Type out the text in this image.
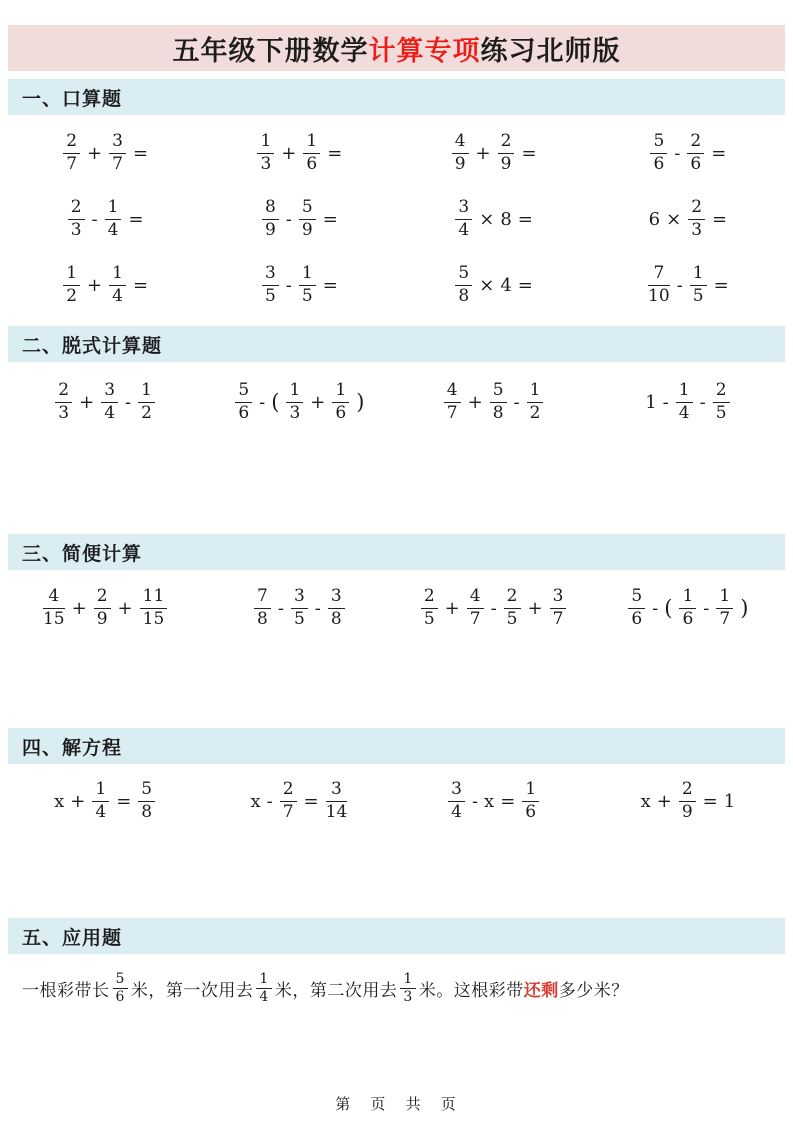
五年级下册数学 计算专项 练习北师版
一、口算题
$\frac{2}{7} + \frac{3}{7}$ =	$\frac{1}{3} + \frac{1}{6}$ =	$\frac{4}{9} + \frac{2}{9}$ =	$\frac{5}{6} - \frac{2}{6}$ =
$\frac{2}{3} - \frac{1}{4}$ =	$\frac{8}{9} - \frac{5}{9}$ =	$\frac{3}{4} \times 8$ =	$6 \times \frac{2}{3}$ =
$\frac{1}{2} + \frac{1}{4}$ =	$\frac{3}{5} - \frac{1}{5}$ =	$\frac{5}{8} \times 4$ =	$\frac{7}{10} - \frac{1}{5}$ =
二、脱式计算题
$\frac{2}{3} + \frac{3}{4} - \frac{1}{2}$	$\frac{5}{6}$ - ( $\frac{1}{3} + \frac{1}{6}$ )	$\frac{4}{7} + \frac{5}{8} - \frac{1}{2}$	$1 - \frac{1}{4} - \frac{2}{5}$
三、简便计算
$\frac{4}{15} + \frac{2}{9} + \frac{11}{15}$	$\frac{7}{8} - \frac{3}{5} - \frac{3}{8}$	$\frac{2}{5} + \frac{4}{7} - \frac{2}{5} + \frac{3}{7}$	$\frac{5}{6}$ - ( $\frac{1}{6} - \frac{1}{7}$ )
四、解方程
$x + \frac{1}{4} = \frac{5}{8}$	$x - \frac{2}{7} = \frac{3}{14}$	$\frac{3}{4} - x = \frac{1}{6}$	$x + \frac{2}{9} = 1$
五、应用题
一根彩带长 $\frac{5}{6}$ 米，第一次用去 $\frac{1}{4}$ 米，第二次用去 $\frac{1}{3}$ 米。这根彩带 还剩 多少米？
第 页 共 页
